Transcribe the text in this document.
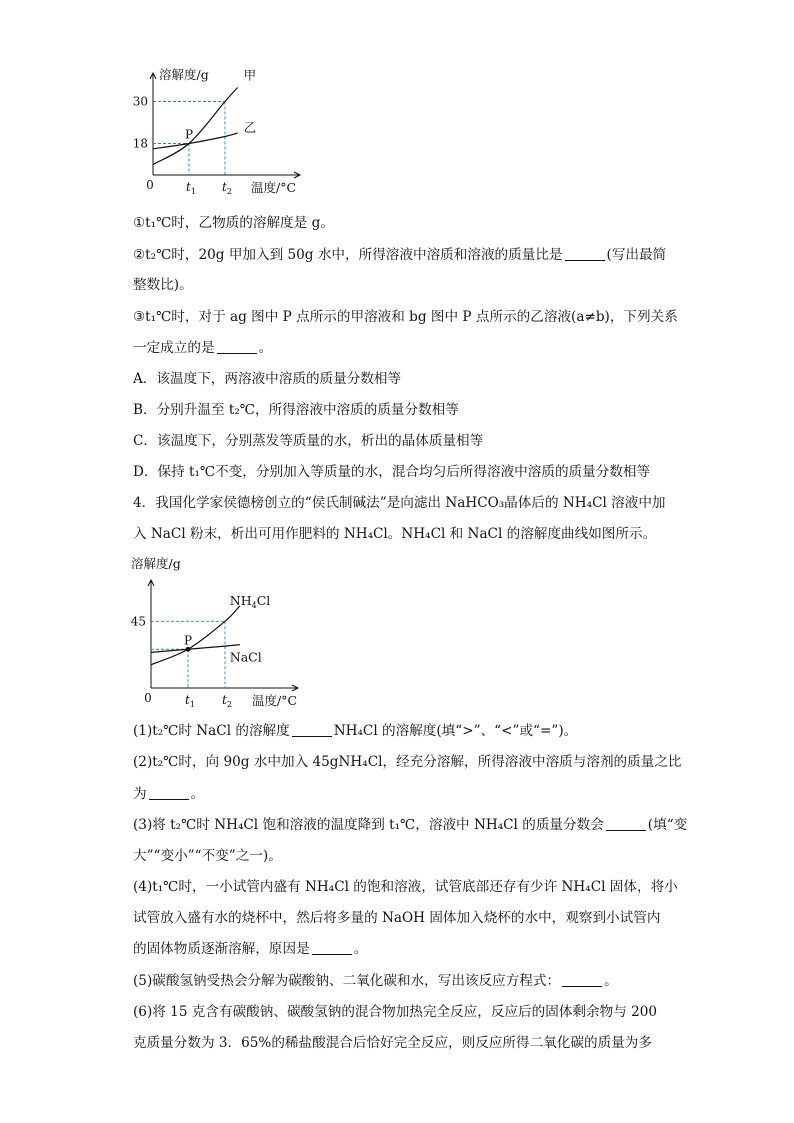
溶解度/g
温度/°C
0	$t_1$ $t_2$
18
30
甲
乙
P
①t₁℃时，乙物质的溶解度是 g。
②t₂℃时，20g 甲加入到 50g 水中，所得溶液中溶质和溶液的质量比是	(写出最简
整数比)。
③t₁℃时，对于 ag 图中 P 点所示的甲溶液和 bg 图中 P 点所示的乙溶液(a≠b)，下列关系
一定成立的是	。
A．该温度下，两溶液中溶质的质量分数相等
B．分别升温至 t₂℃，所得溶液中溶质的质量分数相等
C．该温度下，分别蒸发等质量的水，析出的晶体质量相等
D．保持 t₁℃不变，分别加入等质量的水，混合均匀后所得溶液中溶质的质量分数相等
4．我国化学家侯德榜创立的“侯氏制碱法”是向滤出 NaHCO₃晶体后的 NH₄Cl 溶液中加
入 NaCl 粉末，析出可用作肥料的 NH₄Cl。NH₄Cl 和 NaCl 的溶解度曲线如图所示。
溶解度/g
温度/°C
0	$t_1$ $t_2$
45
$NH_4Cl$
NaCl
P
(1)t₂℃时 NaCl 的溶解度	NH₄Cl 的溶解度(填“>”、“<”或“=”)。
(2)t₂℃时，向 90g 水中加入 45gNH₄Cl，经充分溶解，所得溶液中溶质与溶剂的质量之比
为	。
(3)将 t₂℃时 NH₄Cl 饱和溶液的温度降到 t₁℃，溶液中 NH₄Cl 的质量分数会	(填“变
大”“变小”“不变”之一)。
(4)t₁℃时，一小试管内盛有 NH₄Cl 的饱和溶液，试管底部还存有少许 NH₄Cl 固体，将小
试管放入盛有水的烧杯中，然后将多量的 NaOH 固体加入烧杯的水中，观察到小试管内
的固体物质逐渐溶解，原因是	。
(5)碳酸氢钠受热会分解为碳酸钠、二氧化碳和水，写出该反应方程式：	。
(6)将 15 克含有碳酸钠、碳酸氢钠的混合物加热完全反应，反应后的固体剩余物与 200
克质量分数为 3．65%的稀盐酸混合后恰好完全反应，则反应所得二氧化碳的质量为多
